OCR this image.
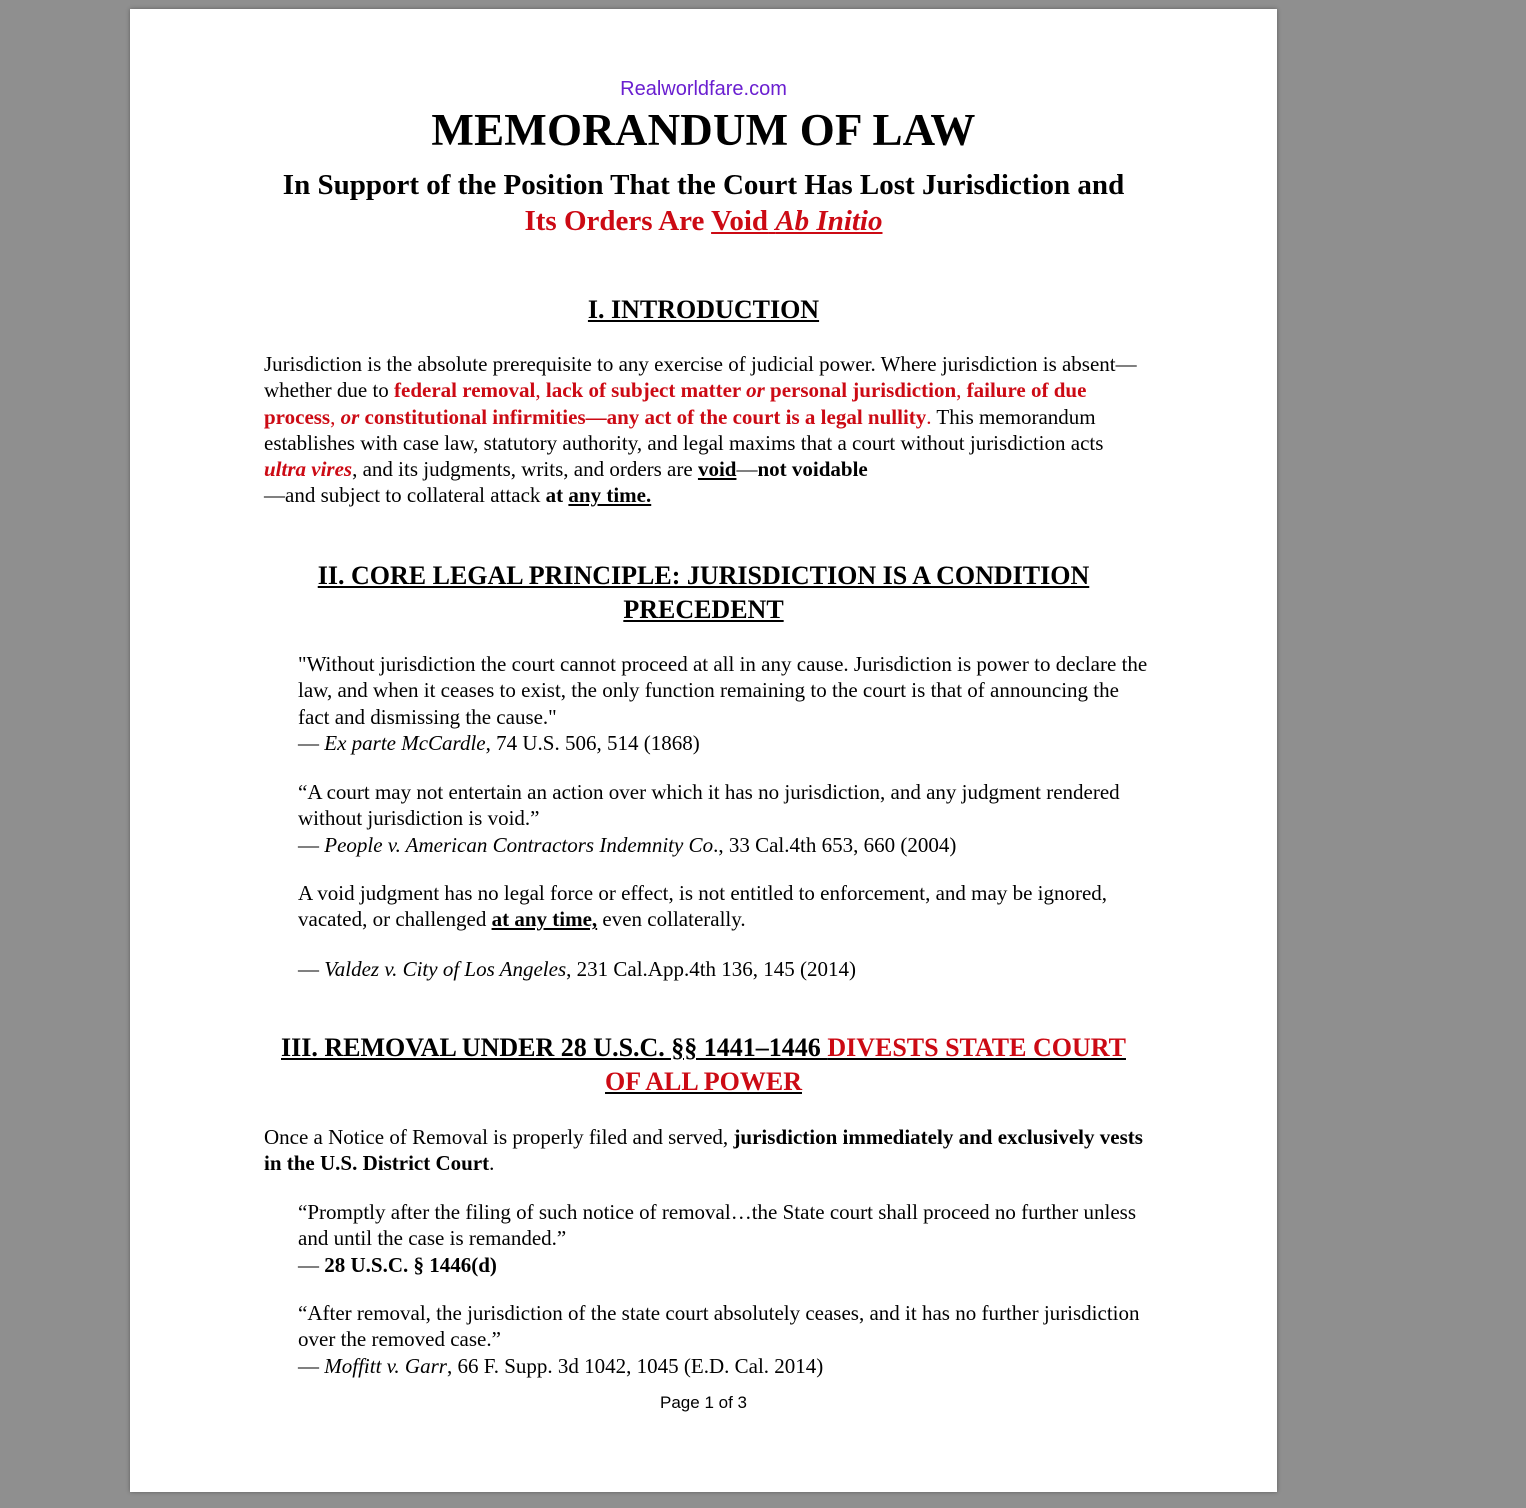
Realworldfare.com
MEMORANDUM OF LAW
In Support of the Position That the Court Has Lost Jurisdiction and
Its Orders Are Void Ab Initio
I. INTRODUCTION

Jurisdiction is the absolute prerequisite to any exercise of judicial power. Where jurisdiction is absent—whether due to federal removal, lack of subject matter or personal jurisdiction, failure of due process, or constitutional infirmities—any act of the court is a legal nullity. This memorandum establishes with case law, statutory authority, and legal maxims that a court without jurisdiction acts ultra vires, and its judgments, writs, and orders are void—not voidable
—and subject to collateral attack at any time.

II. CORE LEGAL PRINCIPLE: JURISDICTION IS A CONDITION
PRECEDENT

"Without jurisdiction the court cannot proceed at all in any cause. Jurisdiction is power to declare the law, and when it ceases to exist, the only function remaining to the court is that of announcing the fact and dismissing the cause."
— Ex parte McCardle, 74 U.S. 506, 514 (1868)

“A court may not entertain an action over which it has no jurisdiction, and any judgment rendered without jurisdiction is void.”
— People v. American Contractors Indemnity Co., 33 Cal.4th 653, 660 (2004)

A void judgment has no legal force or effect, is not entitled to enforcement, and may be ignored, vacated, or challenged at any time, even collaterally.

— Valdez v. City of Los Angeles, 231 Cal.App.4th 136, 145 (2014)

III. REMOVAL UNDER 28 U.S.C. §§ 1441–1446 DIVESTS STATE COURT
OF ALL POWER

Once a Notice of Removal is properly filed and served, jurisdiction immediately and exclusively vests in the U.S. District Court.

“Promptly after the filing of such notice of removal…the State court shall proceed no further unless and until the case is remanded.”
— 28 U.S.C. § 1446(d)

“After removal, the jurisdiction of the state court absolutely ceases, and it has no further jurisdiction over the removed case.”
— Moffitt v. Garr, 66 F. Supp. 3d 1042, 1045 (E.D. Cal. 2014)

Page 1 of 3
